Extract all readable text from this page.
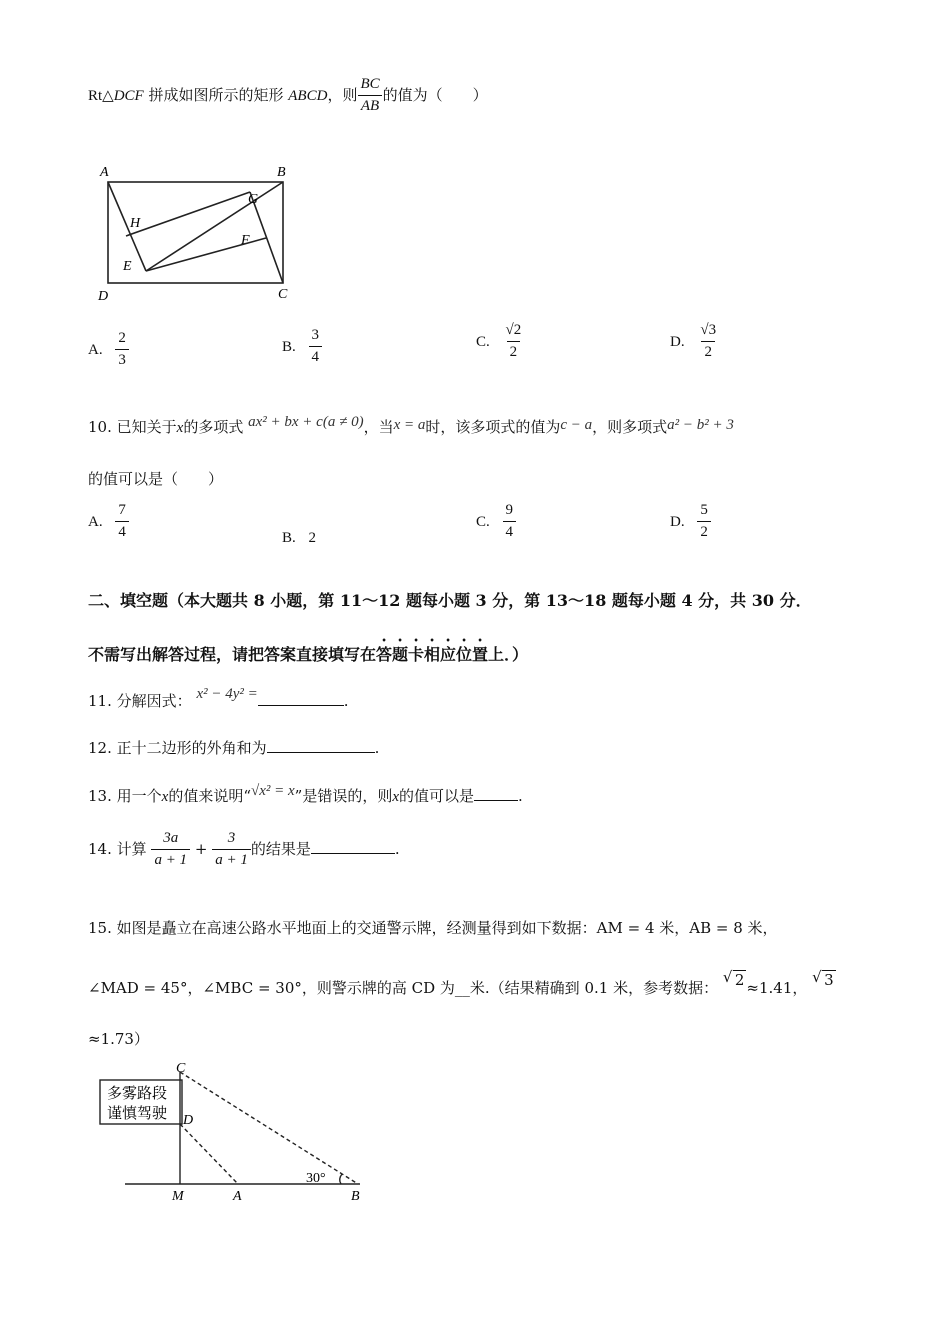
Rt△DCF 拼成如图所示的矩形 ABCD，则 $\frac{BC}{AB}$ 的值为（　　）
A	B
C
D
E
F
G
H
A. $\frac{2}{3}$	B. $\frac{3}{4}$	C. $\frac{√2}{2}$	D. $\frac{√3}{2}$
10. 已知关于x的多项式 ax² + bx + c(a ≠ 0)，当x = a时，该多项式的值为c − a，则多项式a² − b² + 3
的值可以是（　　）
A. $\frac{7}{4}$	B. 2
C. $\frac{9}{4}$	D. $\frac{5}{2}$
二、填空题（本大题共 8 小题，第 11～12 题每小题 3 分，第 13～18 题每小题 4 分，共 30 分．
不需写出解答过程，请把答案直接填写在答题卡相应位置上．）
11. 分解因式： x² − 4y² =	.
12. 正十二边形的外角和为	.
13. 用一个x的值来说明“√x² = x”是错误的，则x的值可以是	.
14. 计算 $\frac{3a}{a + 1} + \frac{3}{a + 1}$ 的结果是	.
15. 如图是矗立在高速公路水平地面上的交通警示牌，经测量得到如下数据：AM = 4 米，AB = 8 米，
∠MAD = 45°，∠MBC = 30°，则警示牌的高 CD 为__米.（结果精确到 0.1 米，参考数据：
√ 2 ≈1.41，
√ 3
≈1.73）
多雾路段
谨慎驾驶
C
D
M	A	B
30°
